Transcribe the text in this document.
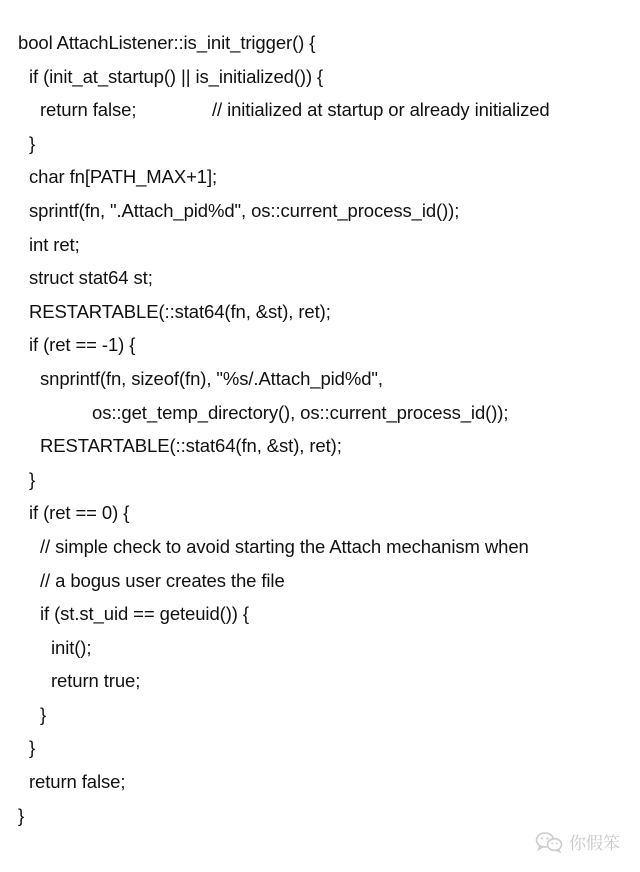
bool AttachListener::is_init_trigger() {
if (init_at_startup() || is_initialized()) {
return false;               // initialized at startup or already initialized
}
char fn[PATH_MAX+1];
sprintf(fn, ".Attach_pid%d", os::current_process_id());
int ret;
struct stat64 st;
RESTARTABLE(::stat64(fn, &st), ret);
if (ret == -1) {
snprintf(fn, sizeof(fn), "%s/.Attach_pid%d",
os::get_temp_directory(), os::current_process_id());
RESTARTABLE(::stat64(fn, &st), ret);
}
if (ret == 0) {
// simple check to avoid starting the Attach mechanism when
// a bogus user creates the file
if (st.st_uid == geteuid()) {
init();
return true;
}
}
return false;
}
你假笨
